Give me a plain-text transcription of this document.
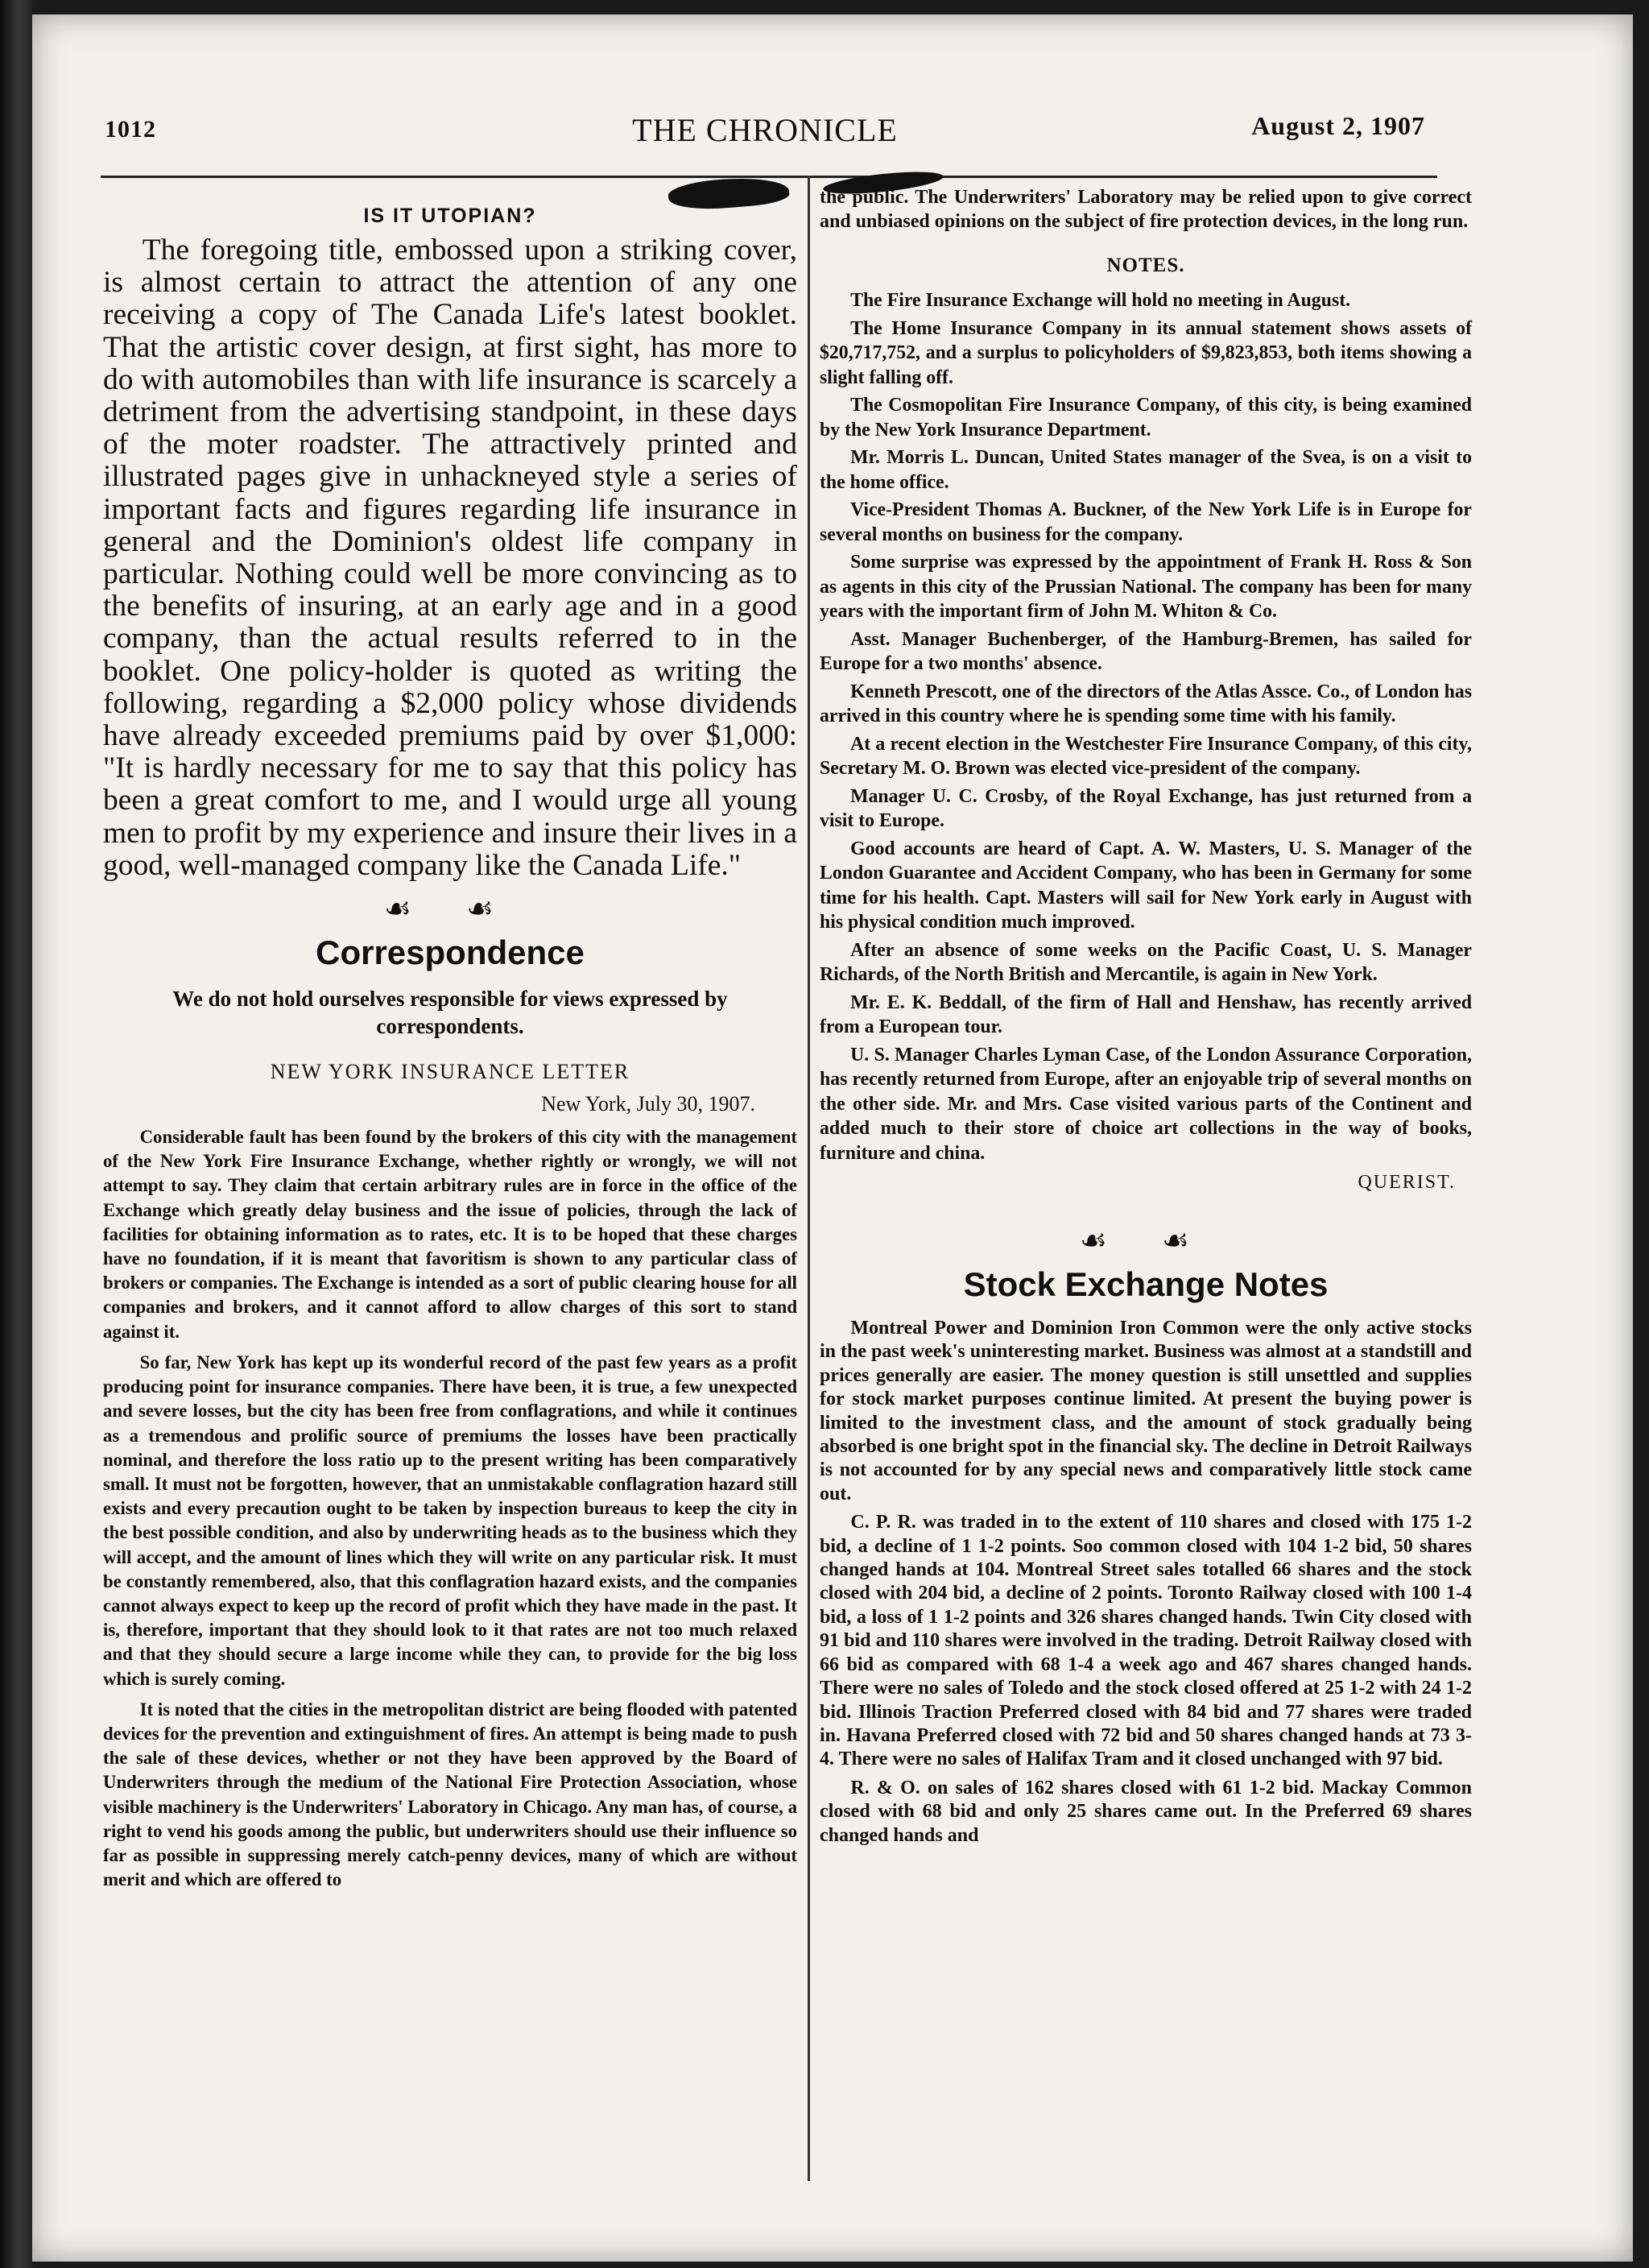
1012	THE CHRONICLE	August 2, 1907
IS IT UTOPIAN?

The foregoing title, embossed upon a striking cover, is almost certain to attract the attention of any one receiving a copy of The Canada Life's latest booklet. That the artistic cover design, at first sight, has more to do with automobiles than with life insurance is scarcely a detriment from the advertising standpoint, in these days of the moter roadster. The attractively printed and illustrated pages give in unhackneyed style a series of important facts and figures regarding life insurance in general and the Dominion's oldest life company in particular. Nothing could well be more convincing as to the benefits of insuring, at an early age and in a good company, than the actual results referred to in the booklet. One policy-holder is quoted as writing the following, regarding a $2,000 policy whose dividends have already exceeded premiums paid by over $1,000: "It is hardly necessary for me to say that this policy has been a great comfort to me, and I would urge all young men to profit by my experience and insure their lives in a good, well-managed company like the Canada Life."

☙ ☙
Correspondence
We do not hold ourselves responsible for views expressed by correspondents.
NEW YORK INSURANCE LETTER
New York, July 30, 1907.

Considerable fault has been found by the brokers of this city with the management of the New York Fire Insurance Exchange, whether rightly or wrongly, we will not attempt to say. They claim that certain arbitrary rules are in force in the office of the Exchange which greatly delay business and the issue of policies, through the lack of facilities for obtaining information as to rates, etc. It is to be hoped that these charges have no foundation, if it is meant that favoritism is shown to any particular class of brokers or companies. The Exchange is intended as a sort of public clearing house for all companies and brokers, and it cannot afford to allow charges of this sort to stand against it.

So far, New York has kept up its wonderful record of the past few years as a profit producing point for insurance companies. There have been, it is true, a few unexpected and severe losses, but the city has been free from conflagrations, and while it continues as a tremendous and prolific source of premiums the losses have been practically nominal, and therefore the loss ratio up to the present writing has been comparatively small. It must not be forgotten, however, that an unmistakable conflagration hazard still exists and every precaution ought to be taken by inspection bureaus to keep the city in the best possible condition, and also by underwriting heads as to the business which they will accept, and the amount of lines which they will write on any particular risk. It must be constantly remembered, also, that this conflagration hazard exists, and the companies cannot always expect to keep up the record of profit which they have made in the past. It is, therefore, important that they should look to it that rates are not too much relaxed and that they should secure a large income while they can, to provide for the big loss which is surely coming.

It is noted that the cities in the metropolitan district are being flooded with patented devices for the prevention and extinguishment of fires. An attempt is being made to push the sale of these devices, whether or not they have been approved by the Board of Underwriters through the medium of the National Fire Protection Association, whose visible machinery is the Underwriters' Laboratory in Chicago. Any man has, of course, a right to vend his goods among the public, but underwriters should use their influence so far as possible in suppressing merely catch-penny devices, many of which are without merit and which are offered to

the public. The Underwriters' Laboratory may be relied upon to give correct and unbiased opinions on the subject of fire protection devices, in the long run.

NOTES.

The Fire Insurance Exchange will hold no meeting in August.

The Home Insurance Company in its annual statement shows assets of $20,717,752, and a surplus to policyholders of $9,823,853, both items showing a slight falling off.

The Cosmopolitan Fire Insurance Company, of this city, is being examined by the New York Insurance Department.

Mr. Morris L. Duncan, United States manager of the Svea, is on a visit to the home office.

Vice-President Thomas A. Buckner, of the New York Life is in Europe for several months on business for the company.

Some surprise was expressed by the appointment of Frank H. Ross & Son as agents in this city of the Prussian National. The company has been for many years with the important firm of John M. Whiton & Co.

Asst. Manager Buchenberger, of the Hamburg-Bremen, has sailed for Europe for a two months' absence.

Kenneth Prescott, one of the directors of the Atlas Assce. Co., of London has arrived in this country where he is spending some time with his family.

At a recent election in the Westchester Fire Insurance Company, of this city, Secretary M. O. Brown was elected vice-president of the company.

Manager U. C. Crosby, of the Royal Exchange, has just returned from a visit to Europe.

Good accounts are heard of Capt. A. W. Masters, U. S. Manager of the London Guarantee and Accident Company, who has been in Germany for some time for his health. Capt. Masters will sail for New York early in August with his physical condition much improved.

After an absence of some weeks on the Pacific Coast, U. S. Manager Richards, of the North British and Mercantile, is again in New York.

Mr. E. K. Beddall, of the firm of Hall and Henshaw, has recently arrived from a European tour.

U. S. Manager Charles Lyman Case, of the London Assurance Corporation, has recently returned from Europe, after an enjoyable trip of several months on the other side. Mr. and Mrs. Case visited various parts of the Continent and added much to their store of choice art collections in the way of books, furniture and china.

QUERIST.
☙ ☙
Stock Exchange Notes

Montreal Power and Dominion Iron Common were the only active stocks in the past week's uninteresting market. Business was almost at a standstill and prices generally are easier. The money question is still unsettled and supplies for stock market purposes continue limited. At present the buying power is limited to the investment class, and the amount of stock gradually being absorbed is one bright spot in the financial sky. The decline in Detroit Railways is not accounted for by any special news and comparatively little stock came out.

C. P. R. was traded in to the extent of 110 shares and closed with 175 1-2 bid, a decline of 1 1-2 points. Soo common closed with 104 1-2 bid, 50 shares changed hands at 104. Montreal Street sales totalled 66 shares and the stock closed with 204 bid, a decline of 2 points. Toronto Railway closed with 100 1-4 bid, a loss of 1 1-2 points and 326 shares changed hands. Twin City closed with 91 bid and 110 shares were involved in the trading. Detroit Railway closed with 66 bid as compared with 68 1-4 a week ago and 467 shares changed hands. There were no sales of Toledo and the stock closed offered at 25 1-2 with 24 1-2 bid. Illinois Traction Preferred closed with 84 bid and 77 shares were traded in. Havana Preferred closed with 72 bid and 50 shares changed hands at 73 3-4. There were no sales of Halifax Tram and it closed unchanged with 97 bid.

R. & O. on sales of 162 shares closed with 61 1-2 bid. Mackay Common closed with 68 bid and only 25 shares came out. In the Preferred 69 shares changed hands and
